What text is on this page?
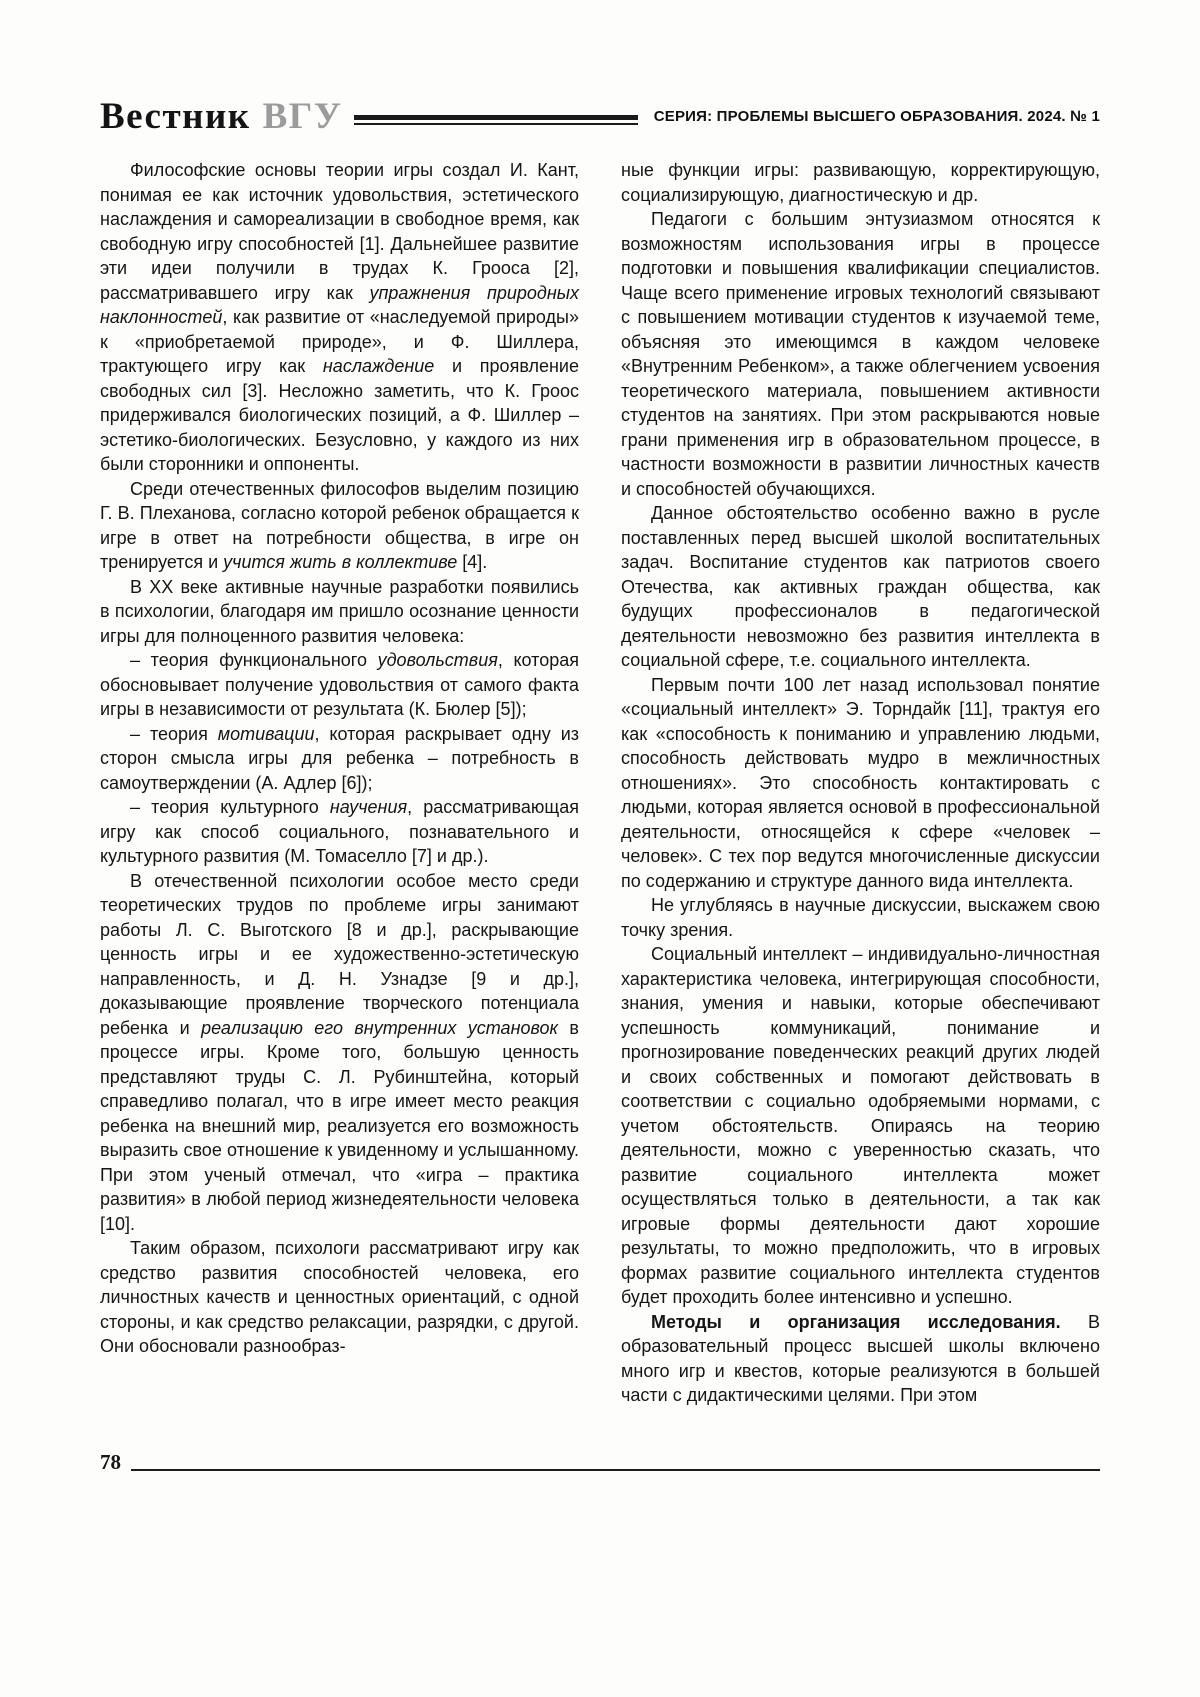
Вестник ВГУ	СЕРИЯ: ПРОБЛЕМЫ ВЫСШЕГО ОБРАЗОВАНИЯ. 2024. № 1

Философские основы теории игры создал И. Кант, понимая ее как источник удовольствия, эстетического наслаждения и самореализации в свободное время, как свободную игру способностей [1]. Дальнейшее развитие эти идеи получили в трудах К. Грооса [2], рассматривавшего игру как упражнения природных наклонностей, как развитие от «наследуемой природы» к «приобретаемой природе», и Ф. Шиллера, трактующего игру как наслаждение и проявление свободных сил [3]. Несложно заметить, что К. Гроос придерживался биологических позиций, а Ф. Шиллер – эстетико-биологических. Безусловно, у каждого из них были сторонники и оппоненты.

Среди отечественных философов выделим позицию Г. В. Плеханова, согласно которой ребенок обращается к игре в ответ на потребности общества, в игре он тренируется и учится жить в коллективе [4].

В XX веке активные научные разработки появились в психологии, благодаря им пришло осознание ценности игры для полноценного развития человека:

– теория функционального удовольствия, которая обосновывает получение удовольствия от самого факта игры в независимости от результата (К. Бюлер [5]);

– теория мотивации, которая раскрывает одну из сторон смысла игры для ребенка – потребность в самоутверждении (А. Адлер [6]);

– теория культурного научения, рассматривающая игру как способ социального, познавательного и культурного развития (М. Томаселло [7] и др.).

В отечественной психологии особое место среди теоретических трудов по проблеме игры занимают работы Л. С. Выготского [8 и др.], раскрывающие ценность игры и ее художественно-эстетическую направленность, и Д. Н. Узнадзе [9 и др.], доказывающие проявление творческого потенциала ребенка и реализацию его внутренних установок в процессе игры. Кроме того, большую ценность представляют труды С. Л. Рубинштейна, который справедливо полагал, что в игре имеет место реакция ребенка на внешний мир, реализуется его возможность выразить свое отношение к увиденному и услышанному. При этом ученый отмечал, что «игра – практика развития» в любой период жизнедеятельности человека [10].

Таким образом, психологи рассматривают игру как средство развития способностей человека, его личностных качеств и ценностных ориентаций, с одной стороны, и как средство релаксации, разрядки, с другой. Они обосновали разнообраз-

ные функции игры: развивающую, корректирующую, социализирующую, диагностическую и др.

Педагоги с большим энтузиазмом относятся к возможностям использования игры в процессе подготовки и повышения квалификации специалистов. Чаще всего применение игровых технологий связывают с повышением мотивации студентов к изучаемой теме, объясняя это имеющимся в каждом человеке «Внутренним Ребенком», а также облегчением усвоения теоретического материала, повышением активности студентов на занятиях. При этом раскрываются новые грани применения игр в образовательном процессе, в частности возможности в развитии личностных качеств и способностей обучающихся.

Данное обстоятельство особенно важно в русле поставленных перед высшей школой воспитательных задач. Воспитание студентов как патриотов своего Отечества, как активных граждан общества, как будущих профессионалов в педагогической деятельности невозможно без развития интеллекта в социальной сфере, т.е. социального интеллекта.

Первым почти 100 лет назад использовал понятие «социальный интеллект» Э. Торндайк [11], трактуя его как «способность к пониманию и управлению людьми, способность действовать мудро в межличностных отношениях». Это способность контактировать с людьми, которая является основой в профессиональной деятельности, относящейся к сфере «человек – человек». С тех пор ведутся многочисленные дискуссии по содержанию и структуре данного вида интеллекта.

Не углубляясь в научные дискуссии, выскажем свою точку зрения.

Социальный интеллект – индивидуально-личностная характеристика человека, интегрирующая способности, знания, умения и навыки, которые обеспечивают успешность коммуникаций, понимание и прогнозирование поведенческих реакций других людей и своих собственных и помогают действовать в соответствии с социально одобряемыми нормами, с учетом обстоятельств. Опираясь на теорию деятельности, можно с уверенностью сказать, что развитие социального интеллекта может осуществляться только в деятельности, а так как игровые формы деятельности дают хорошие результаты, то можно предположить, что в игровых формах развитие социального интеллекта студентов будет проходить более интенсивно и успешно.

Методы и организация исследования. В образовательный процесс высшей школы включено много игр и квестов, которые реализуются в большей части с дидактическими целями. При этом

78
